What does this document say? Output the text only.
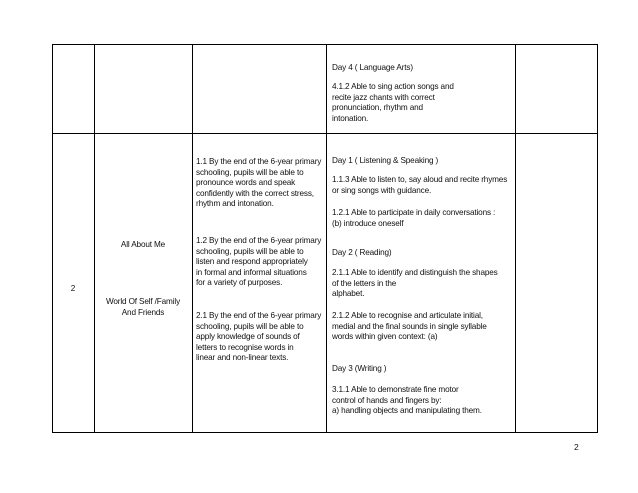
Day 4 ( Language Arts)
4.1.2 Able to sing action songs and
recite jazz chants with correct
pronunciation, rhythm and
intonation.
2
All About Me
World Of Self /Family
And Friends
1.1 By the end of the 6-year primary
schooling, pupils will be able to
pronounce words and speak
confidently with the correct stress,
rhythm and intonation.
1.2 By the end of the 6-year primary
schooling, pupils will be able to
listen and respond appropriately
in formal and informal situations
for a variety of purposes.
2.1 By the end of the 6-year primary
schooling, pupils will be able to
apply knowledge of sounds of
letters to recognise words in
linear and non-linear texts.
Day 1 ( Listening & Speaking )
1.1.3 Able to listen to, say aloud and recite rhymes
or sing songs with guidance.
1.2.1 Able to participate in daily conversations :
(b) introduce oneself
Day 2 ( Reading)
2.1.1 Able to identify and distinguish the shapes
of the letters in the
alphabet.
2.1.2 Able to recognise and articulate initial,
medial and the final sounds in single syllable
words within given context: (a)
Day 3 (Writing )
3.1.1 Able to demonstrate fine motor
control of hands and fingers by:
a) handling objects and manipulating them.
2
